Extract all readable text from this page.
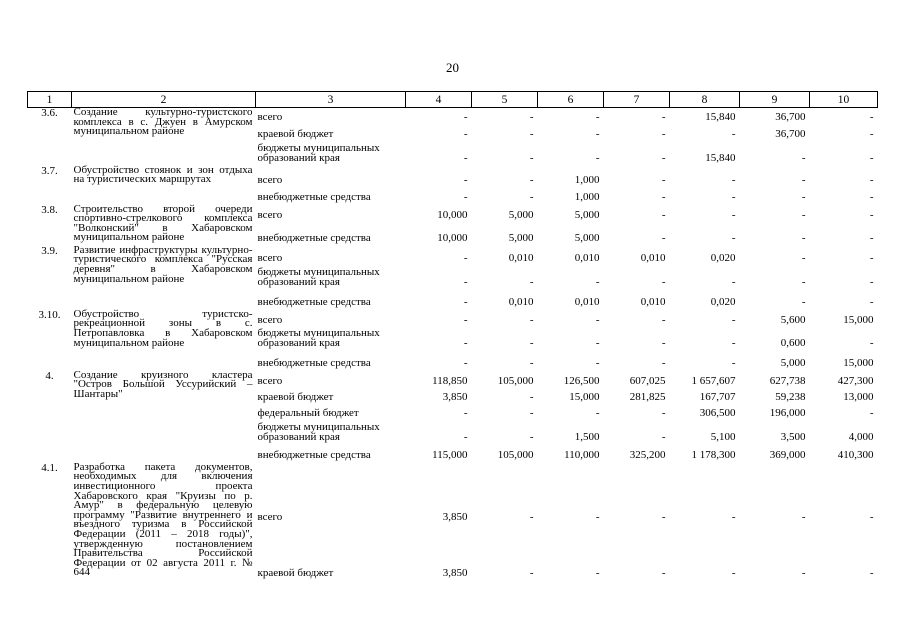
20
1	2	3	4	5	6	7	8	9	10
3.6.	Создание культурно-туристского комплекса в с. Джуен в Амурском муниципальном районе	всего	-	-	-	-	15,840	36,700	-
		краевой бюджет	-	-	-	-	-	36,700	-
		бюджеты муниципальных образований края	-	-	-	-	15,840	-	-
3.7.	Обустройство стоянок и зон отдыха на туристических маршрутах	всего	-	-	1,000	-	-	-	-
		внебюджетные средства	-	-	1,000	-	-	-	-
3.8.	Строительство второй очереди спортивно-стрелкового комплекса "Волконский" в Хабаровском муниципальном районе	всего	10,000	5,000	5,000	-	-	-	-
		внебюджетные средства	10,000	5,000	5,000	-	-	-	-
3.9.	Развитие инфраструктуры культурно-туристического комплекса "Русская деревня" в Хабаровском муниципальном районе	всего	-	0,010	0,010	0,010	0,020	-	-
		бюджеты муниципальных образований края	-	-	-	-	-	-	-
		внебюджетные средства	-	0,010	0,010	0,010	0,020	-	-
3.10.	Обустройство туристско-рекреационной зоны в с. Петропавловка в Хабаровском муниципальном районе	всего	-	-	-	-	-	5,600	15,000
		бюджеты муниципальных образований края	-	-	-	-	-	0,600	-
		внебюджетные средства	-	-	-	-	-	5,000	15,000
4.	Создание круизного кластера "Остров Большой Уссурийский – Шантары"	всего	118,850	105,000	126,500	607,025	1 657,607	627,738	427,300
		краевой бюджет	3,850	-	15,000	281,825	167,707	59,238	13,000
		федеральный бюджет	-	-	-	-	306,500	196,000	-
		бюджеты муниципальных образований края	-	-	1,500	-	5,100	3,500	4,000
		внебюджетные средства	115,000	105,000	110,000	325,200	1 178,300	369,000	410,300
4.1.	Разработка пакета документов, необходимых для включения инвестиционного проекта Хабаровского края "Круизы по р. Амур" в федеральную целевую программу "Развитие внутреннего и въездного туризма в Российской Федерации (2011 – 2018 годы)", утвержденную постановлением Правительства Российской Федерации от 02 августа 2011 г. № 644	всего	3,850	-	-	-	-	-	-
		краевой бюджет	3,850	-	-	-	-	-	-
